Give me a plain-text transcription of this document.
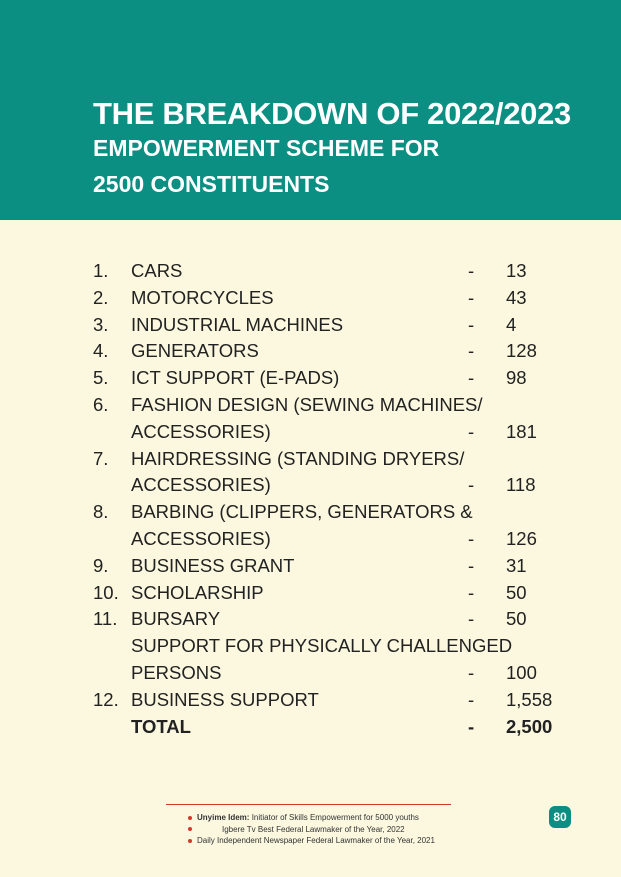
THE BREAKDOWN OF 2022/2023
EMPOWERMENT SCHEME FOR
2500 CONSTITUENTS
1. CARS	- 13
2. MOTORCYCLES	- 43
3. INDUSTRIAL MACHINES	- 4
4. GENERATORS	- 128
5. ICT SUPPORT (E-PADS)	- 98
6. FASHION DESIGN (SEWING MACHINES/
ACCESSORIES)	- 181
7. HAIRDRESSING (STANDING DRYERS/
ACCESSORIES)	- 118
8. BARBING (CLIPPERS, GENERATORS &
ACCESSORIES)	- 126
9. BUSINESS GRANT	- 31
10. SCHOLARSHIP	- 50
11. BURSARY	- 50
SUPPORT FOR PHYSICALLY CHALLENGED
PERSONS	- 100
12. BUSINESS SUPPORT	- 1,558
TOTAL	- 2,500
Unyime Idem: Initiator of Skills Empowerment for 5000 youths
Igbere Tv Best Federal Lawmaker of the Year, 2022
Daily Independent Newspaper Federal Lawmaker of the Year, 2021
80
